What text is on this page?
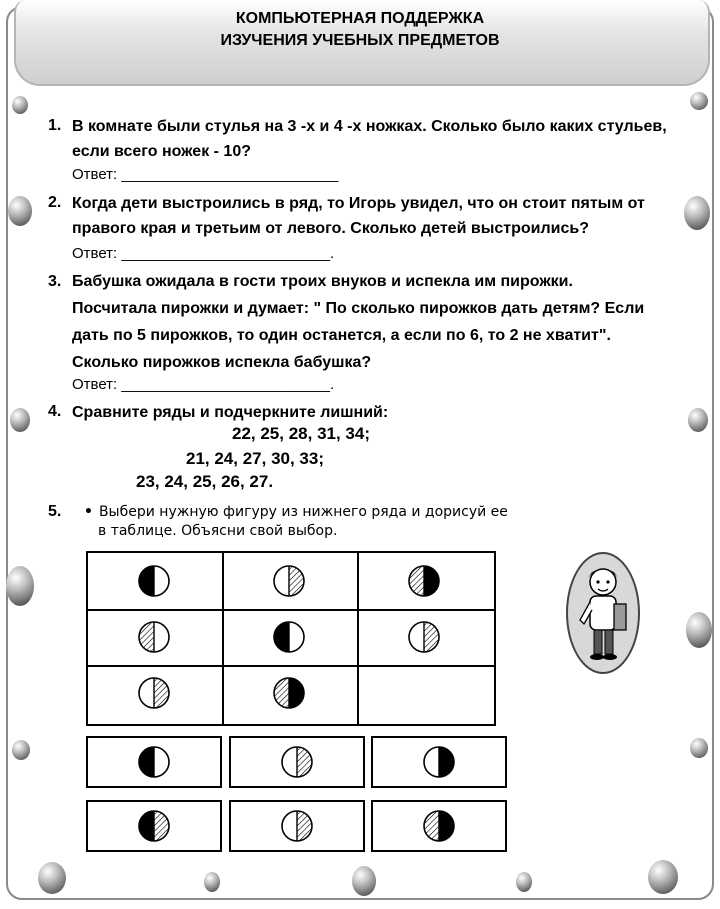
КОМПЬЮТЕРНАЯ ПОДДЕРЖКА
ИЗУЧЕНИЯ УЧЕБНЫХ ПРЕДМЕТОВ
1. В комнате были стулья на 3 -х и 4 -х ножках. Сколько было каких стульев,
если всего ножек - 10?
Ответ: __________________________
2. Когда дети выстроились в ряд, то Игорь увидел, что он стоит пятым от
правого края и третьим от левого. Сколько детей выстроились?
Ответ: _________________________.
3. Бабушка ожидала в гости троих внуков и испекла им пирожки.
Посчитала пирожки и думает: " По сколько пирожков дать детям? Если
дать по 5 пирожков, то один останется, а если по 6, то 2 не хватит".
Сколько пирожков испекла бабушка?
Ответ: _________________________.
4. Сравните ряды и подчеркните лишний:
22, 25, 28, 31, 34;
21, 24, 27, 30, 33;
23, 24, 25, 26, 27.
5. • Выбери нужную фигуру из нижнего ряда и дорисуй ее
в таблице. Объясни свой выбор.
